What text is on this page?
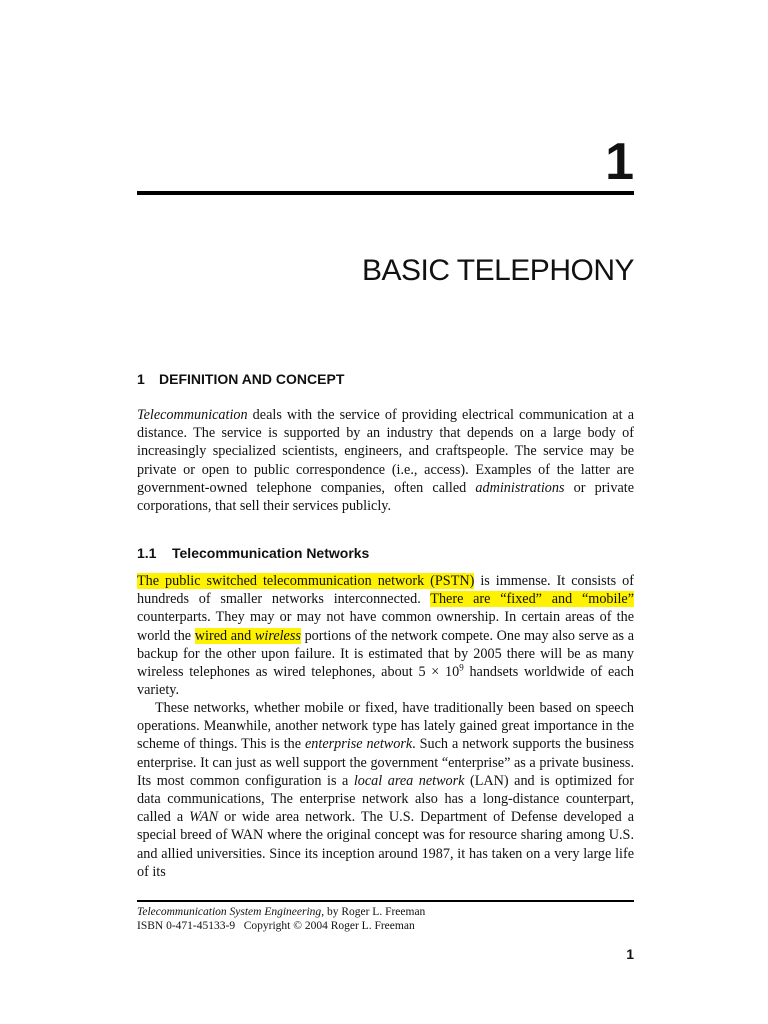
1
BASIC TELEPHONY
1 DEFINITION AND CONCEPT

Telecommunication deals with the service of providing electrical communication at a distance. The service is supported by an industry that depends on a large body of increasingly specialized scientists, engineers, and craftspeople. The service may be private or open to public correspondence (i.e., access). Examples of the latter are government-owned telephone companies, often called administrations or private corporations, that sell their services publicly.

1.1 Telecommunication Networks

The public switched telecommunication network (PSTN) is immense. It consists of hundreds of smaller networks interconnected. There are “fixed” and “mobile” counterparts. They may or may not have common ownership. In certain areas of the world the wired and wireless portions of the network compete. One may also serve as a backup for the other upon failure. It is estimated that by 2005 there will be as many wireless telephones as wired telephones, about $5 \times 10^9$ handsets worldwide of each variety.

These networks, whether mobile or fixed, have traditionally been based on speech operations. Meanwhile, another network type has lately gained great importance in the scheme of things. This is the enterprise network. Such a network supports the business enterprise. It can just as well support the government “enterprise” as a private business. Its most common configuration is a local area network (LAN) and is optimized for data communications, The enterprise network also has a long-distance counterpart, called a WAN or wide area network. The U.S. Department of Defense developed a special breed of WAN where the original concept was for resource sharing among U.S. and allied universities. Since its inception around 1987, it has taken on a very large life of its

Telecommunication System Engineering, by Roger L. Freeman
ISBN 0-471-45133-9 Copyright © 2004 Roger L. Freeman
1
